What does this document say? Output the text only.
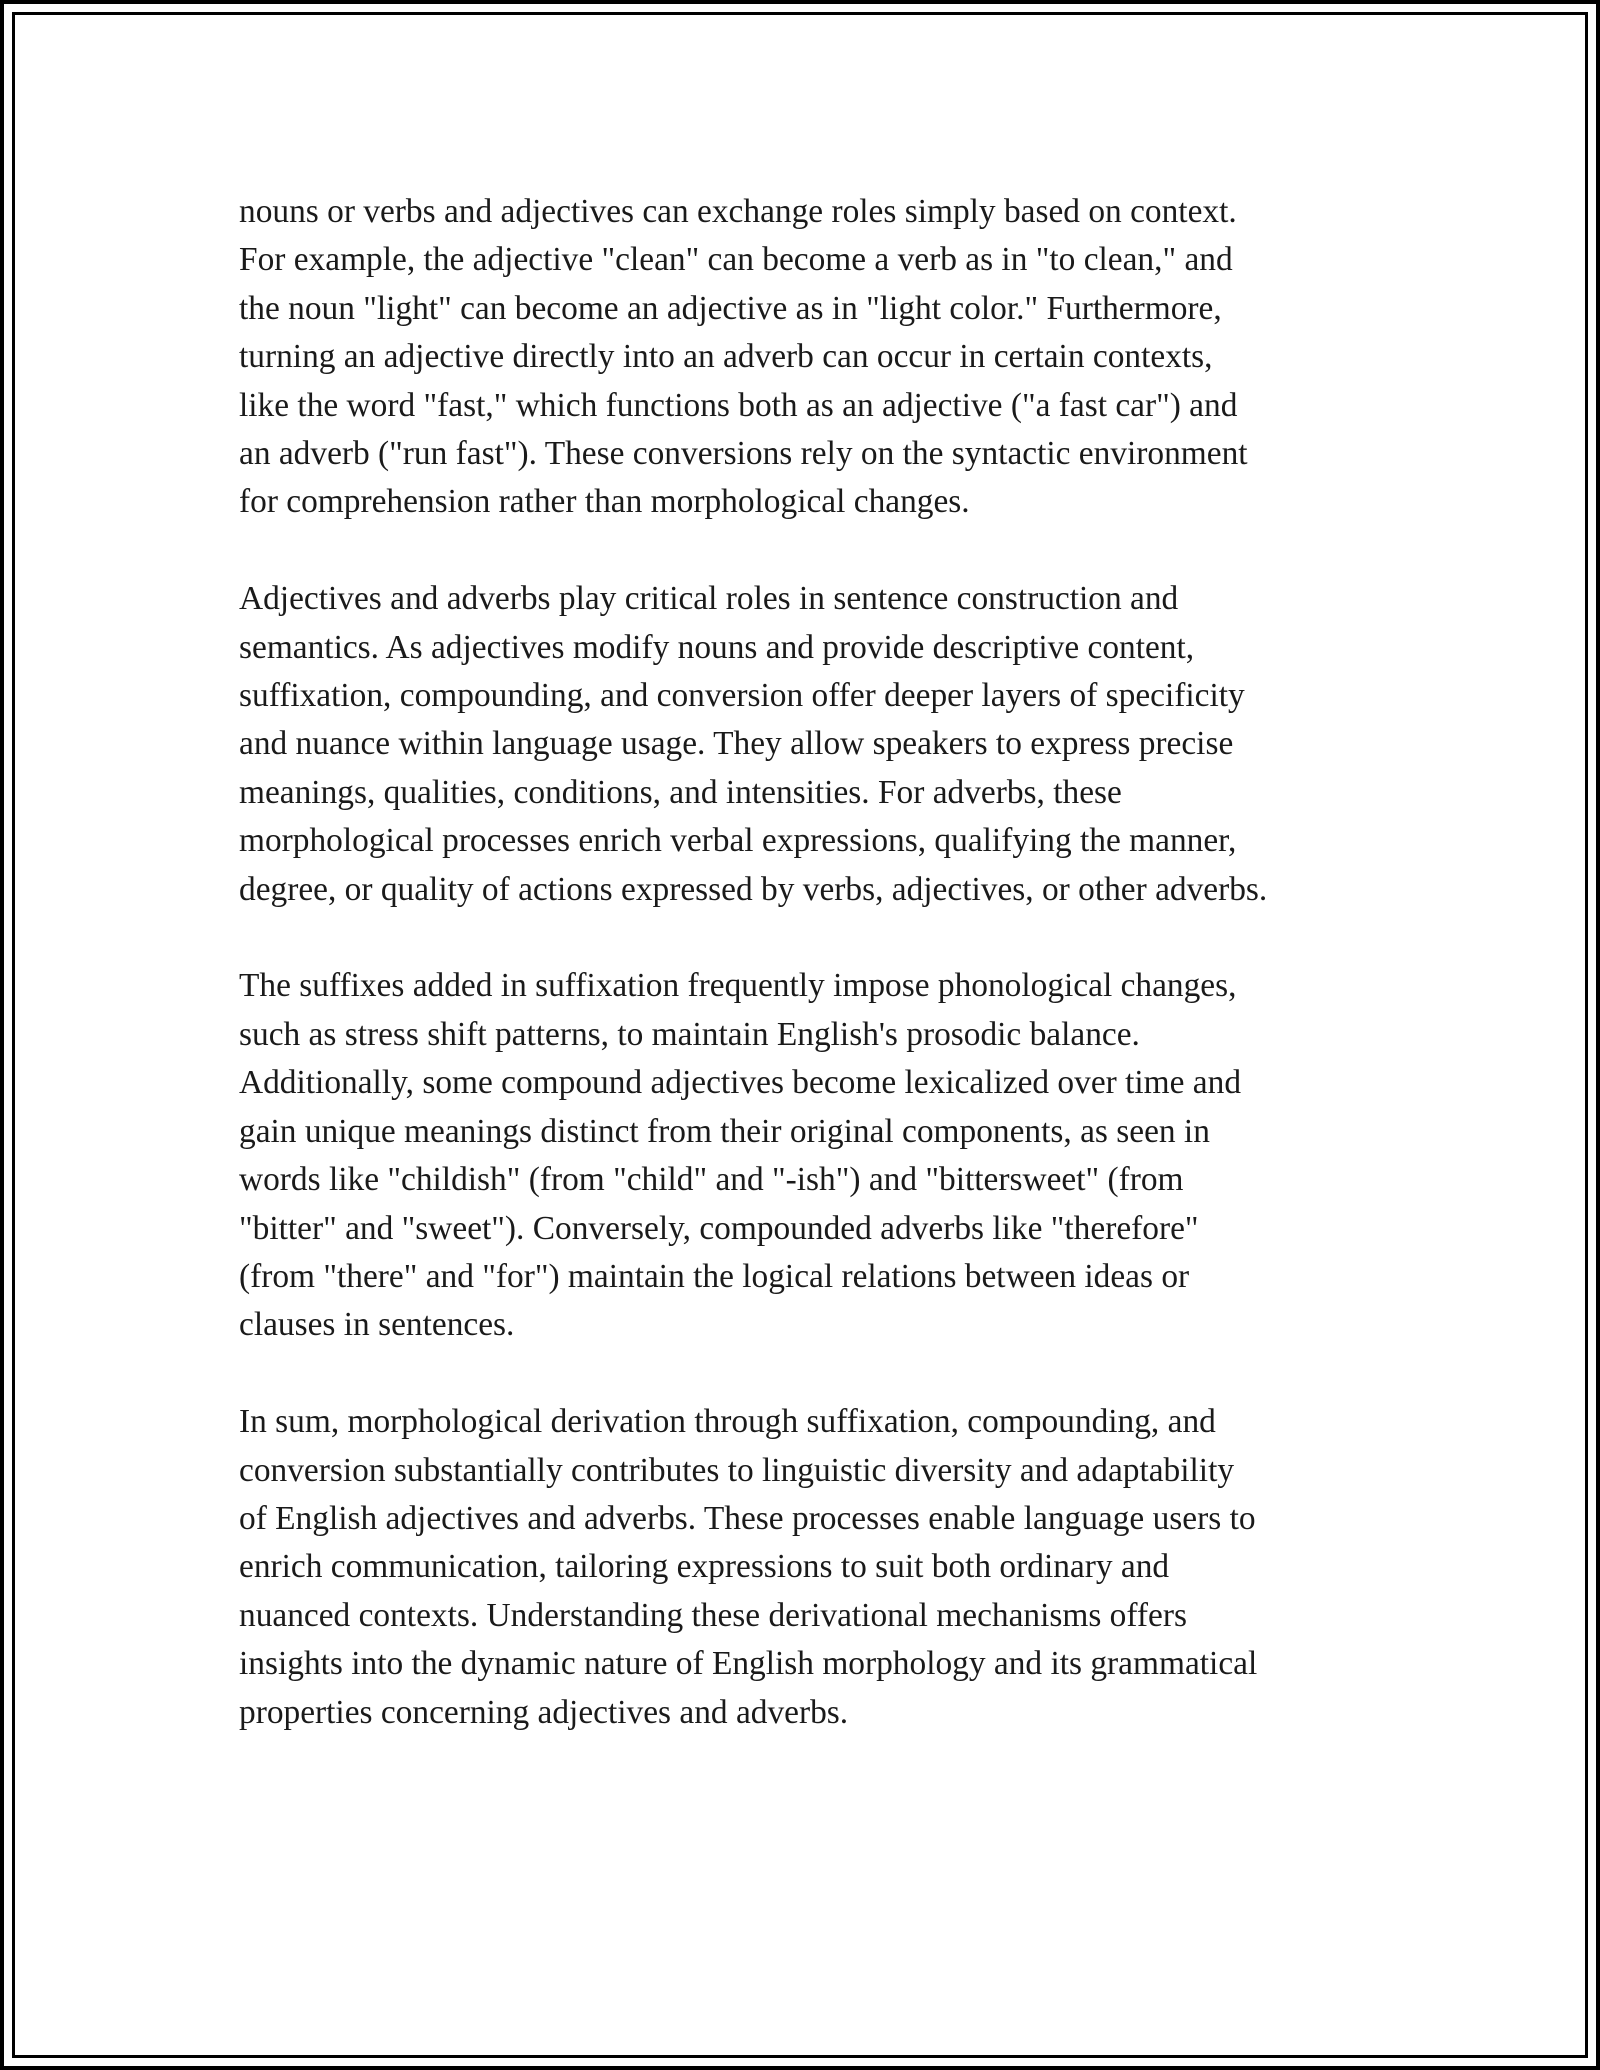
nouns or verbs and adjectives can exchange roles simply based on context.
For example, the adjective "clean" can become a verb as in "to clean," and
the noun "light" can become an adjective as in "light color." Furthermore,
turning an adjective directly into an adverb can occur in certain contexts,
like the word "fast," which functions both as an adjective ("a fast car") and
an adverb ("run fast"). These conversions rely on the syntactic environment
for comprehension rather than morphological changes.
Adjectives and adverbs play critical roles in sentence construction and
semantics. As adjectives modify nouns and provide descriptive content,
suffixation, compounding, and conversion offer deeper layers of specificity
and nuance within language usage. They allow speakers to express precise
meanings, qualities, conditions, and intensities. For adverbs, these
morphological processes enrich verbal expressions, qualifying the manner,
degree, or quality of actions expressed by verbs, adjectives, or other adverbs.
The suffixes added in suffixation frequently impose phonological changes,
such as stress shift patterns, to maintain English's prosodic balance.
Additionally, some compound adjectives become lexicalized over time and
gain unique meanings distinct from their original components, as seen in
words like "childish" (from "child" and "-ish") and "bittersweet" (from
"bitter" and "sweet"). Conversely, compounded adverbs like "therefore"
(from "there" and "for") maintain the logical relations between ideas or
clauses in sentences.
In sum, morphological derivation through suffixation, compounding, and
conversion substantially contributes to linguistic diversity and adaptability
of English adjectives and adverbs. These processes enable language users to
enrich communication, tailoring expressions to suit both ordinary and
nuanced contexts. Understanding these derivational mechanisms offers
insights into the dynamic nature of English morphology and its grammatical
properties concerning adjectives and adverbs.
